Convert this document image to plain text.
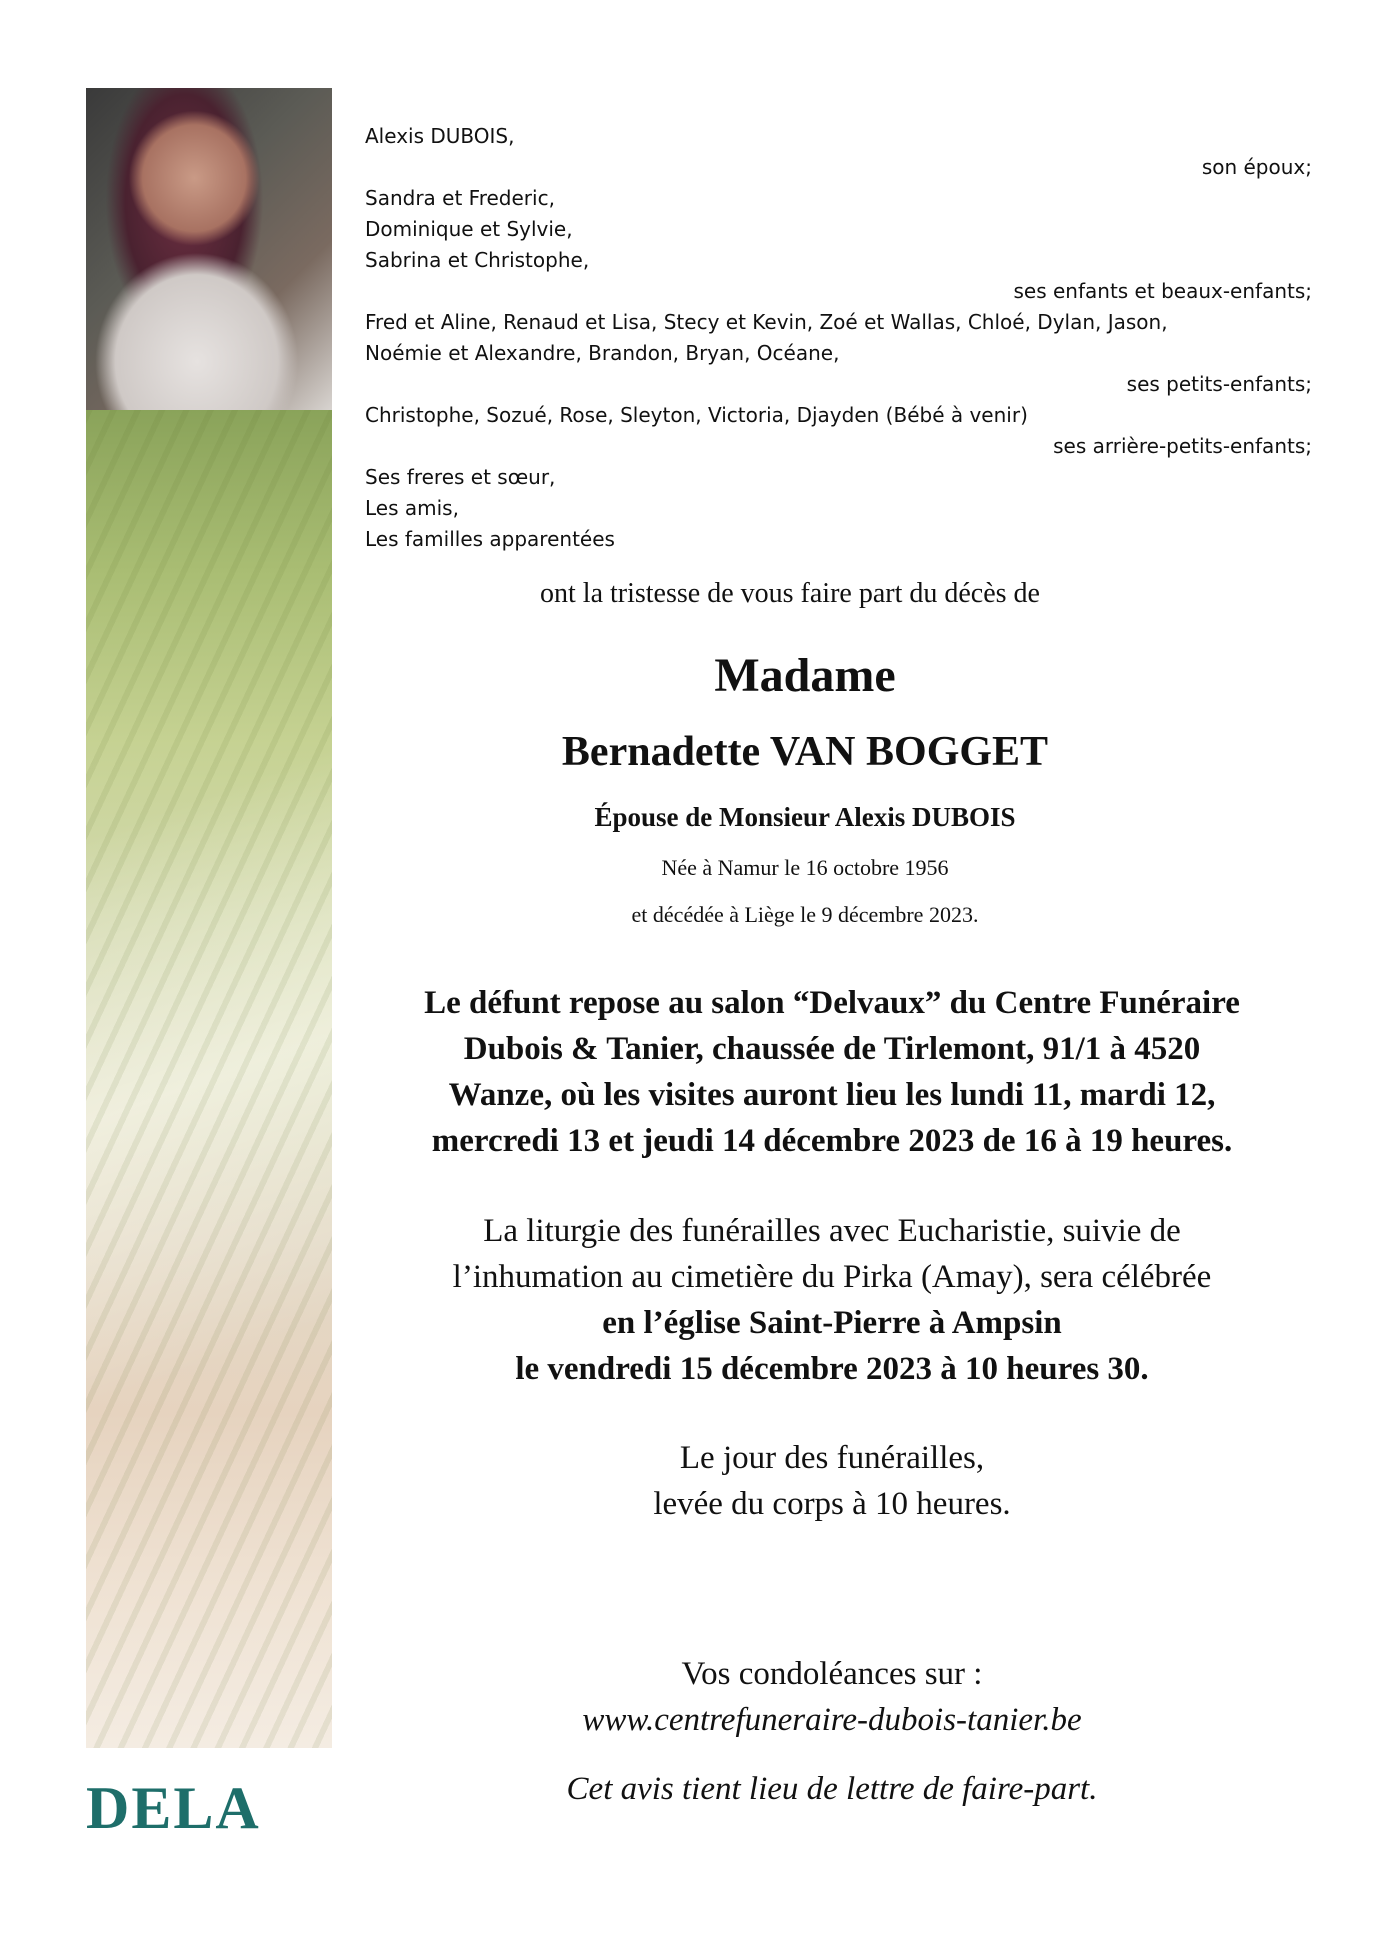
DELA
Alexis DUBOIS,
son époux;
Sandra et Frederic,
Dominique et Sylvie,
Sabrina et Christophe,
ses enfants et beaux-enfants;
Fred et Aline, Renaud et Lisa, Stecy et Kevin, Zoé et Wallas, Chloé, Dylan, Jason,
Noémie et Alexandre, Brandon, Bryan, Océane,
ses petits-enfants;
Christophe, Sozué, Rose, Sleyton, Victoria, Djayden (Bébé à venir)
ses arrière-petits-enfants;
Ses freres et sœur,
Les amis,
Les familles apparentées
ont la tristesse de vous faire part du décès de
Madame
Bernadette VAN BOGGET
Épouse de Monsieur Alexis DUBOIS
Née à Namur le 16 octobre 1956
et décédée à Liège le 9 décembre 2023.
Le défunt repose au salon “Delvaux” du Centre Funéraire
Dubois & Tanier, chaussée de Tirlemont, 91/1 à 4520
Wanze, où les visites auront lieu les lundi 11, mardi 12,
mercredi 13 et jeudi 14 décembre 2023 de 16 à 19 heures.
La liturgie des funérailles avec Eucharistie, suivie de
l’inhumation au cimetière du Pirka (Amay), sera célébrée
en l’église Saint-Pierre à Ampsin
le vendredi 15 décembre 2023 à 10 heures 30.
Le jour des funérailles,
levée du corps à 10 heures.
Vos condoléances sur :
www.centrefuneraire-dubois-tanier.be
Cet avis tient lieu de lettre de faire-part.
